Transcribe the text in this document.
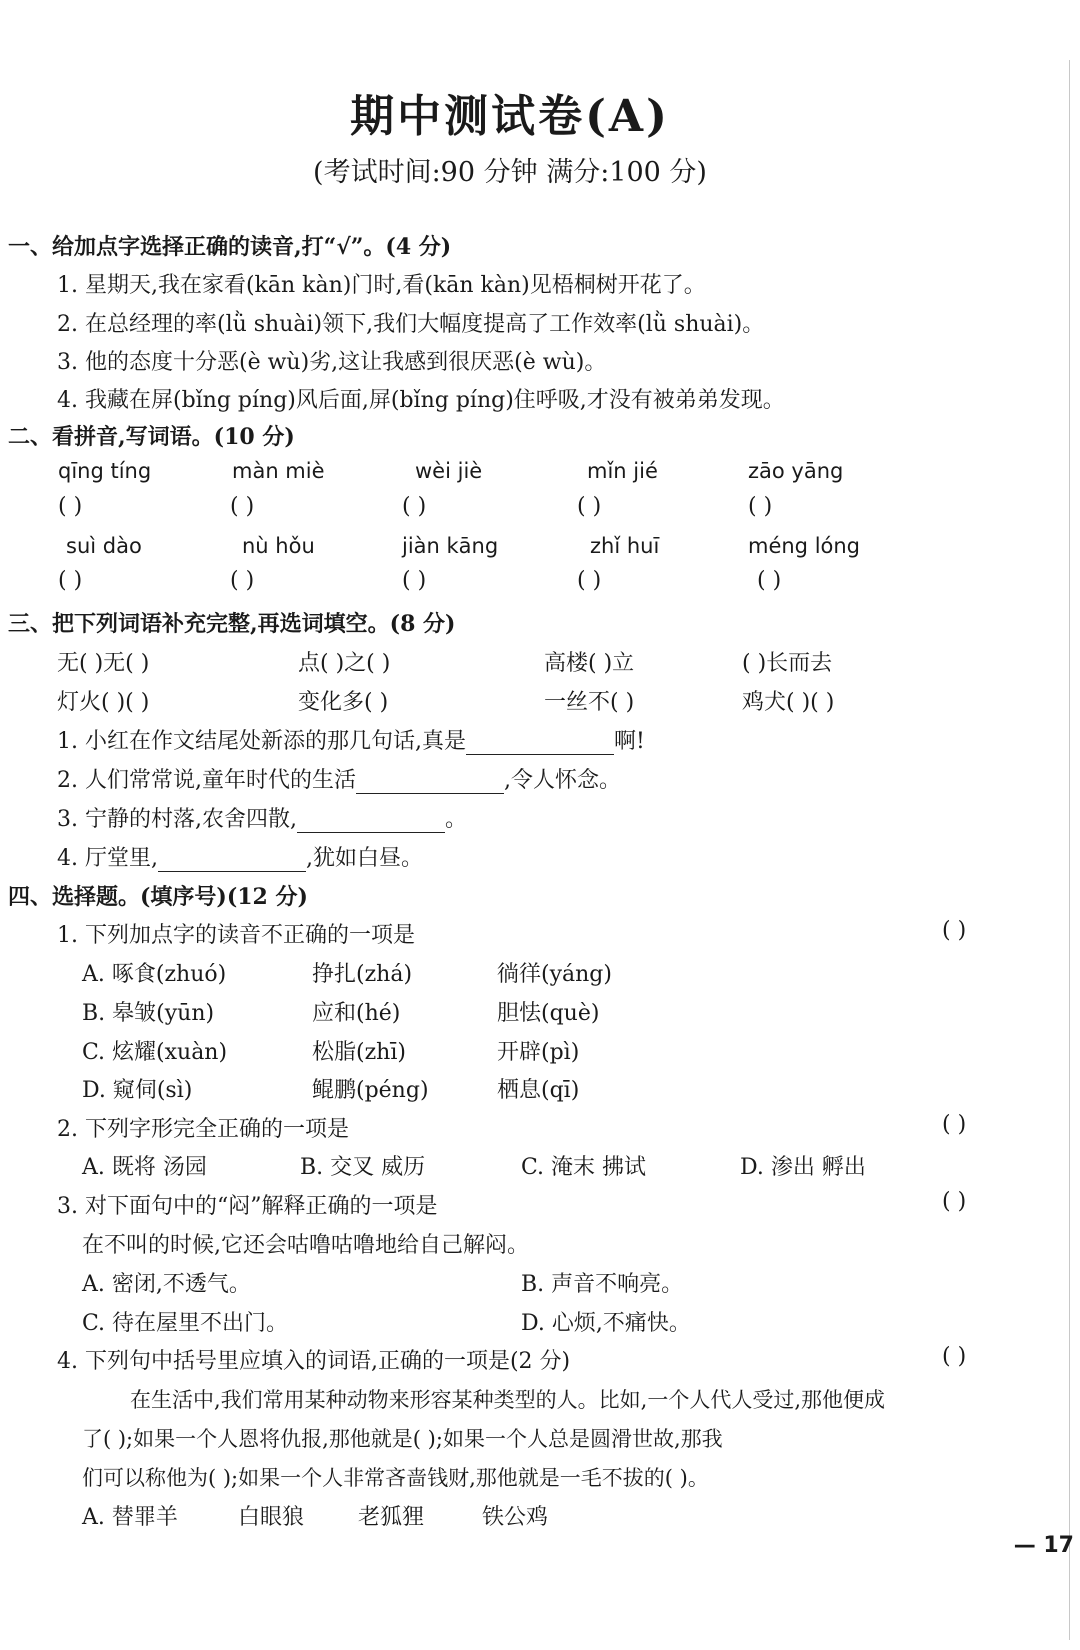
期中测试卷(A)
(考试时间:90 分钟 满分:100 分)
一、给加点字选择正确的读音,打“√”。(4 分)
1. 星期天,我在家看(kān kàn)门时,看(kān kàn)见梧桐树开花了。
2. 在总经理的率(lǜ shuài)领下,我们大幅度提高了工作效率(lǜ shuài)。
3. 他的态度十分恶(è wù)劣,这让我感到很厌恶(è wù)。
4. 我藏在屏(bǐng píng)风后面,屏(bǐng píng)住呼吸,才没有被弟弟发现。
二、看拼音,写词语。(10 分)
qīng tíng	màn miè	wèi jiè	mǐn jié	zāo yāng
( )	( )	( )	( )	( )
suì dào	nù hǒu	jiàn kāng	zhǐ huī	méng lóng
( )	( )	( )	( )	( )
三、把下列词语补充完整,再选词填空。(8 分)
无( )无( )	点( )之( )	高楼( )立	( )长而去
灯火( )( )	变化多( )	一丝不( )	鸡犬( )( )
1. 小红在作文结尾处新添的那几句话,真是	啊!
2. 人们常常说,童年时代的生活	,令人怀念。
3. 宁静的村落,农舍四散,	。
4. 厅堂里,	,犹如白昼。
四、选择题。(填序号)(12 分)
1. 下列加点字的读音不正确的一项是	( )
A. 啄食(zhuó)	挣扎(zhá)	徜徉(yáng)
B. 皋皱(yūn)	应和(hé)	胆怯(què)
C. 炫耀(xuàn)	松脂(zhī)	开辟(pì)
D. 窥伺(sì)	鲲鹏(péng)	栖息(qī)
2. 下列字形完全正确的一项是	( )
A. 既将 汤园	B. 交叉 威历	C. 淹末 拂试	D. 渗出 孵出
3. 对下面句中的“闷”解释正确的一项是	( )
在不叫的时候,它还会咕噜咕噜地给自己解闷。
A. 密闭,不透气。	B. 声音不响亮。
C. 待在屋里不出门。	D. 心烦,不痛快。
4. 下列句中括号里应填入的词语,正确的一项是(2 分)	( )
在生活中,我们常用某种动物来形容某种类型的人。比如,一个人代人受过,那他便成
了( );如果一个人恩将仇报,那他就是( );如果一个人总是圆滑世故,那我
们可以称他为( );如果一个人非常吝啬钱财,那他就是一毛不拔的( )。
A. 替罪羊	白眼狼 老狐狸	铁公鸡
— 17
